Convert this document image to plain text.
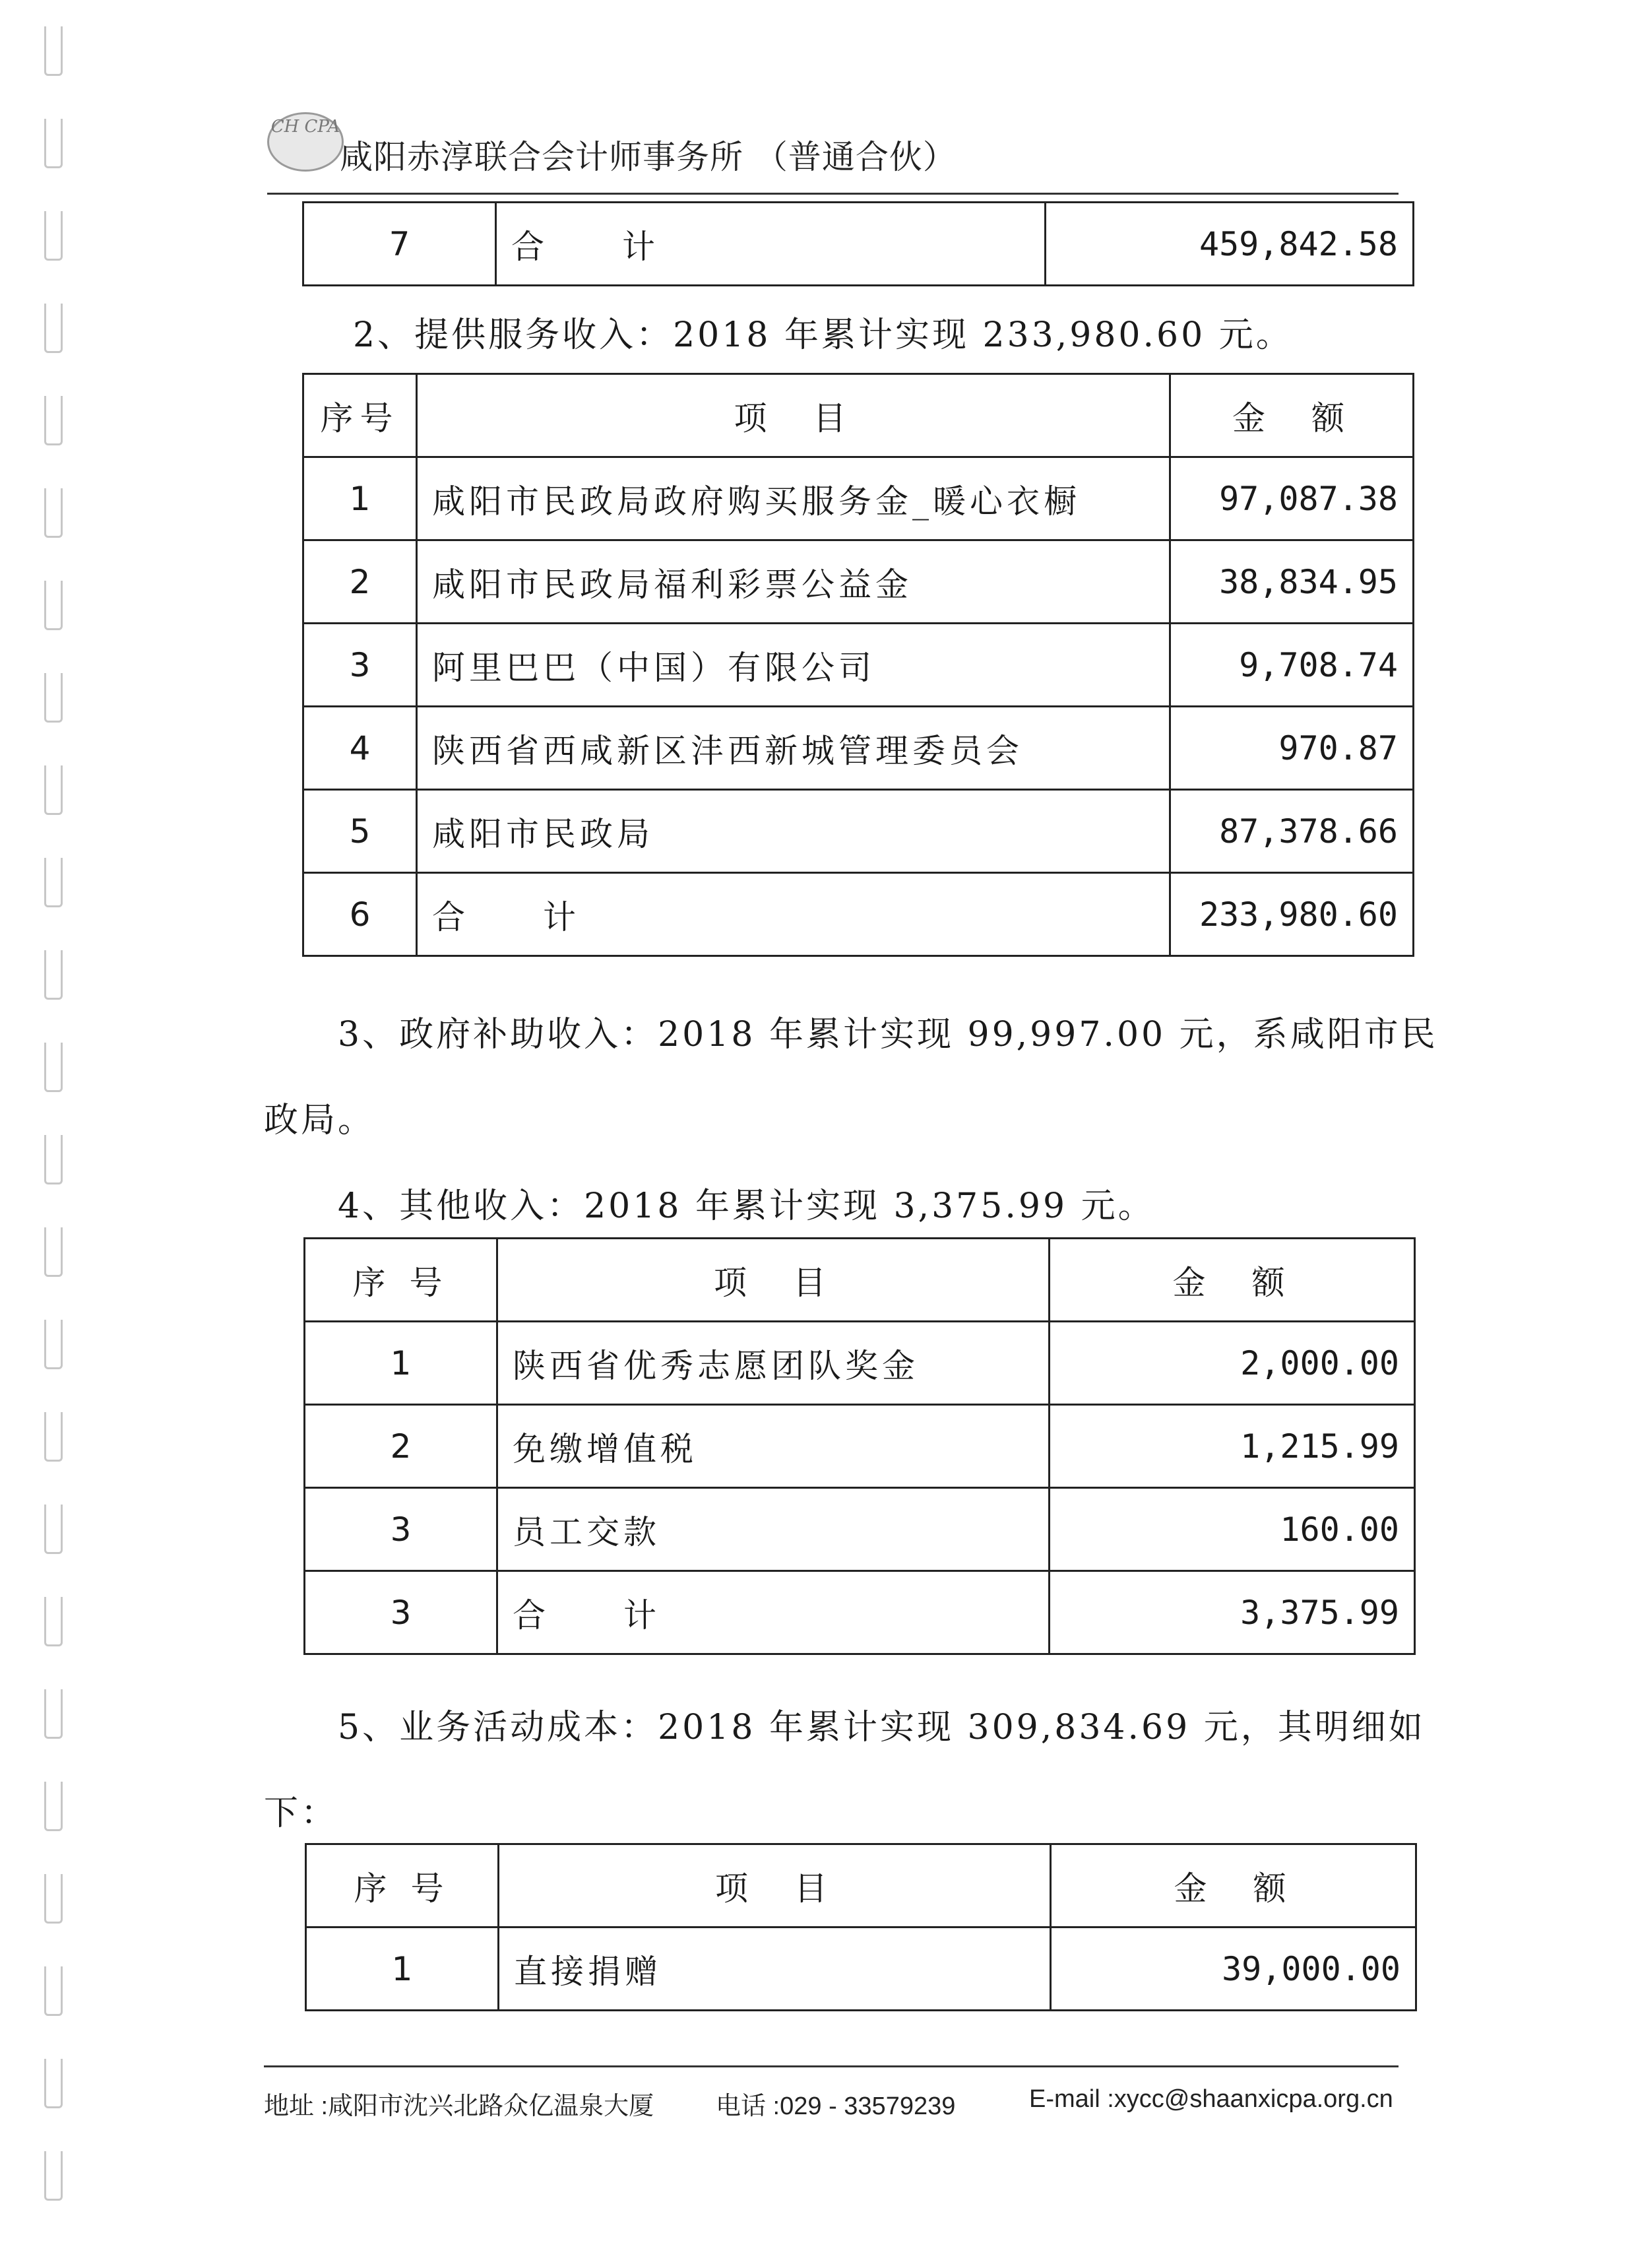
CH CPA
咸阳赤淳联合会计师事务所 （普通合伙）
7	合　　计	459,842.58
2、提供服务收入：2018 年累计实现 233,980.60 元。
序号	项　目	金　额
1	咸阳市民政局政府购买服务金_暖心衣橱	97,087.38
2	咸阳市民政局福利彩票公益金	38,834.95
3	阿里巴巴（中国）有限公司	9,708.74
4	陕西省西咸新区沣西新城管理委员会	970.87
5	咸阳市民政局	87,378.66
6	合　　计	233,980.60
3、政府补助收入：2018 年累计实现 99,997.00 元，系咸阳市民
政局。
4、其他收入：2018 年累计实现 3,375.99 元。
序 号	项　目	金　额
1	陕西省优秀志愿团队奖金	2,000.00
2	免缴增值税	1,215.99
3	员工交款	160.00
3	合　　计	3,375.99
5、业务活动成本：2018 年累计实现 309,834.69 元，其明细如
下：
序 号	项　目	金　额
1	直接捐赠	39,000.00
地址 :咸阳市沈兴北路众亿温泉大厦 电话 :029 - 33579239	E-mail :xycc@shaanxicpa.org.cn
